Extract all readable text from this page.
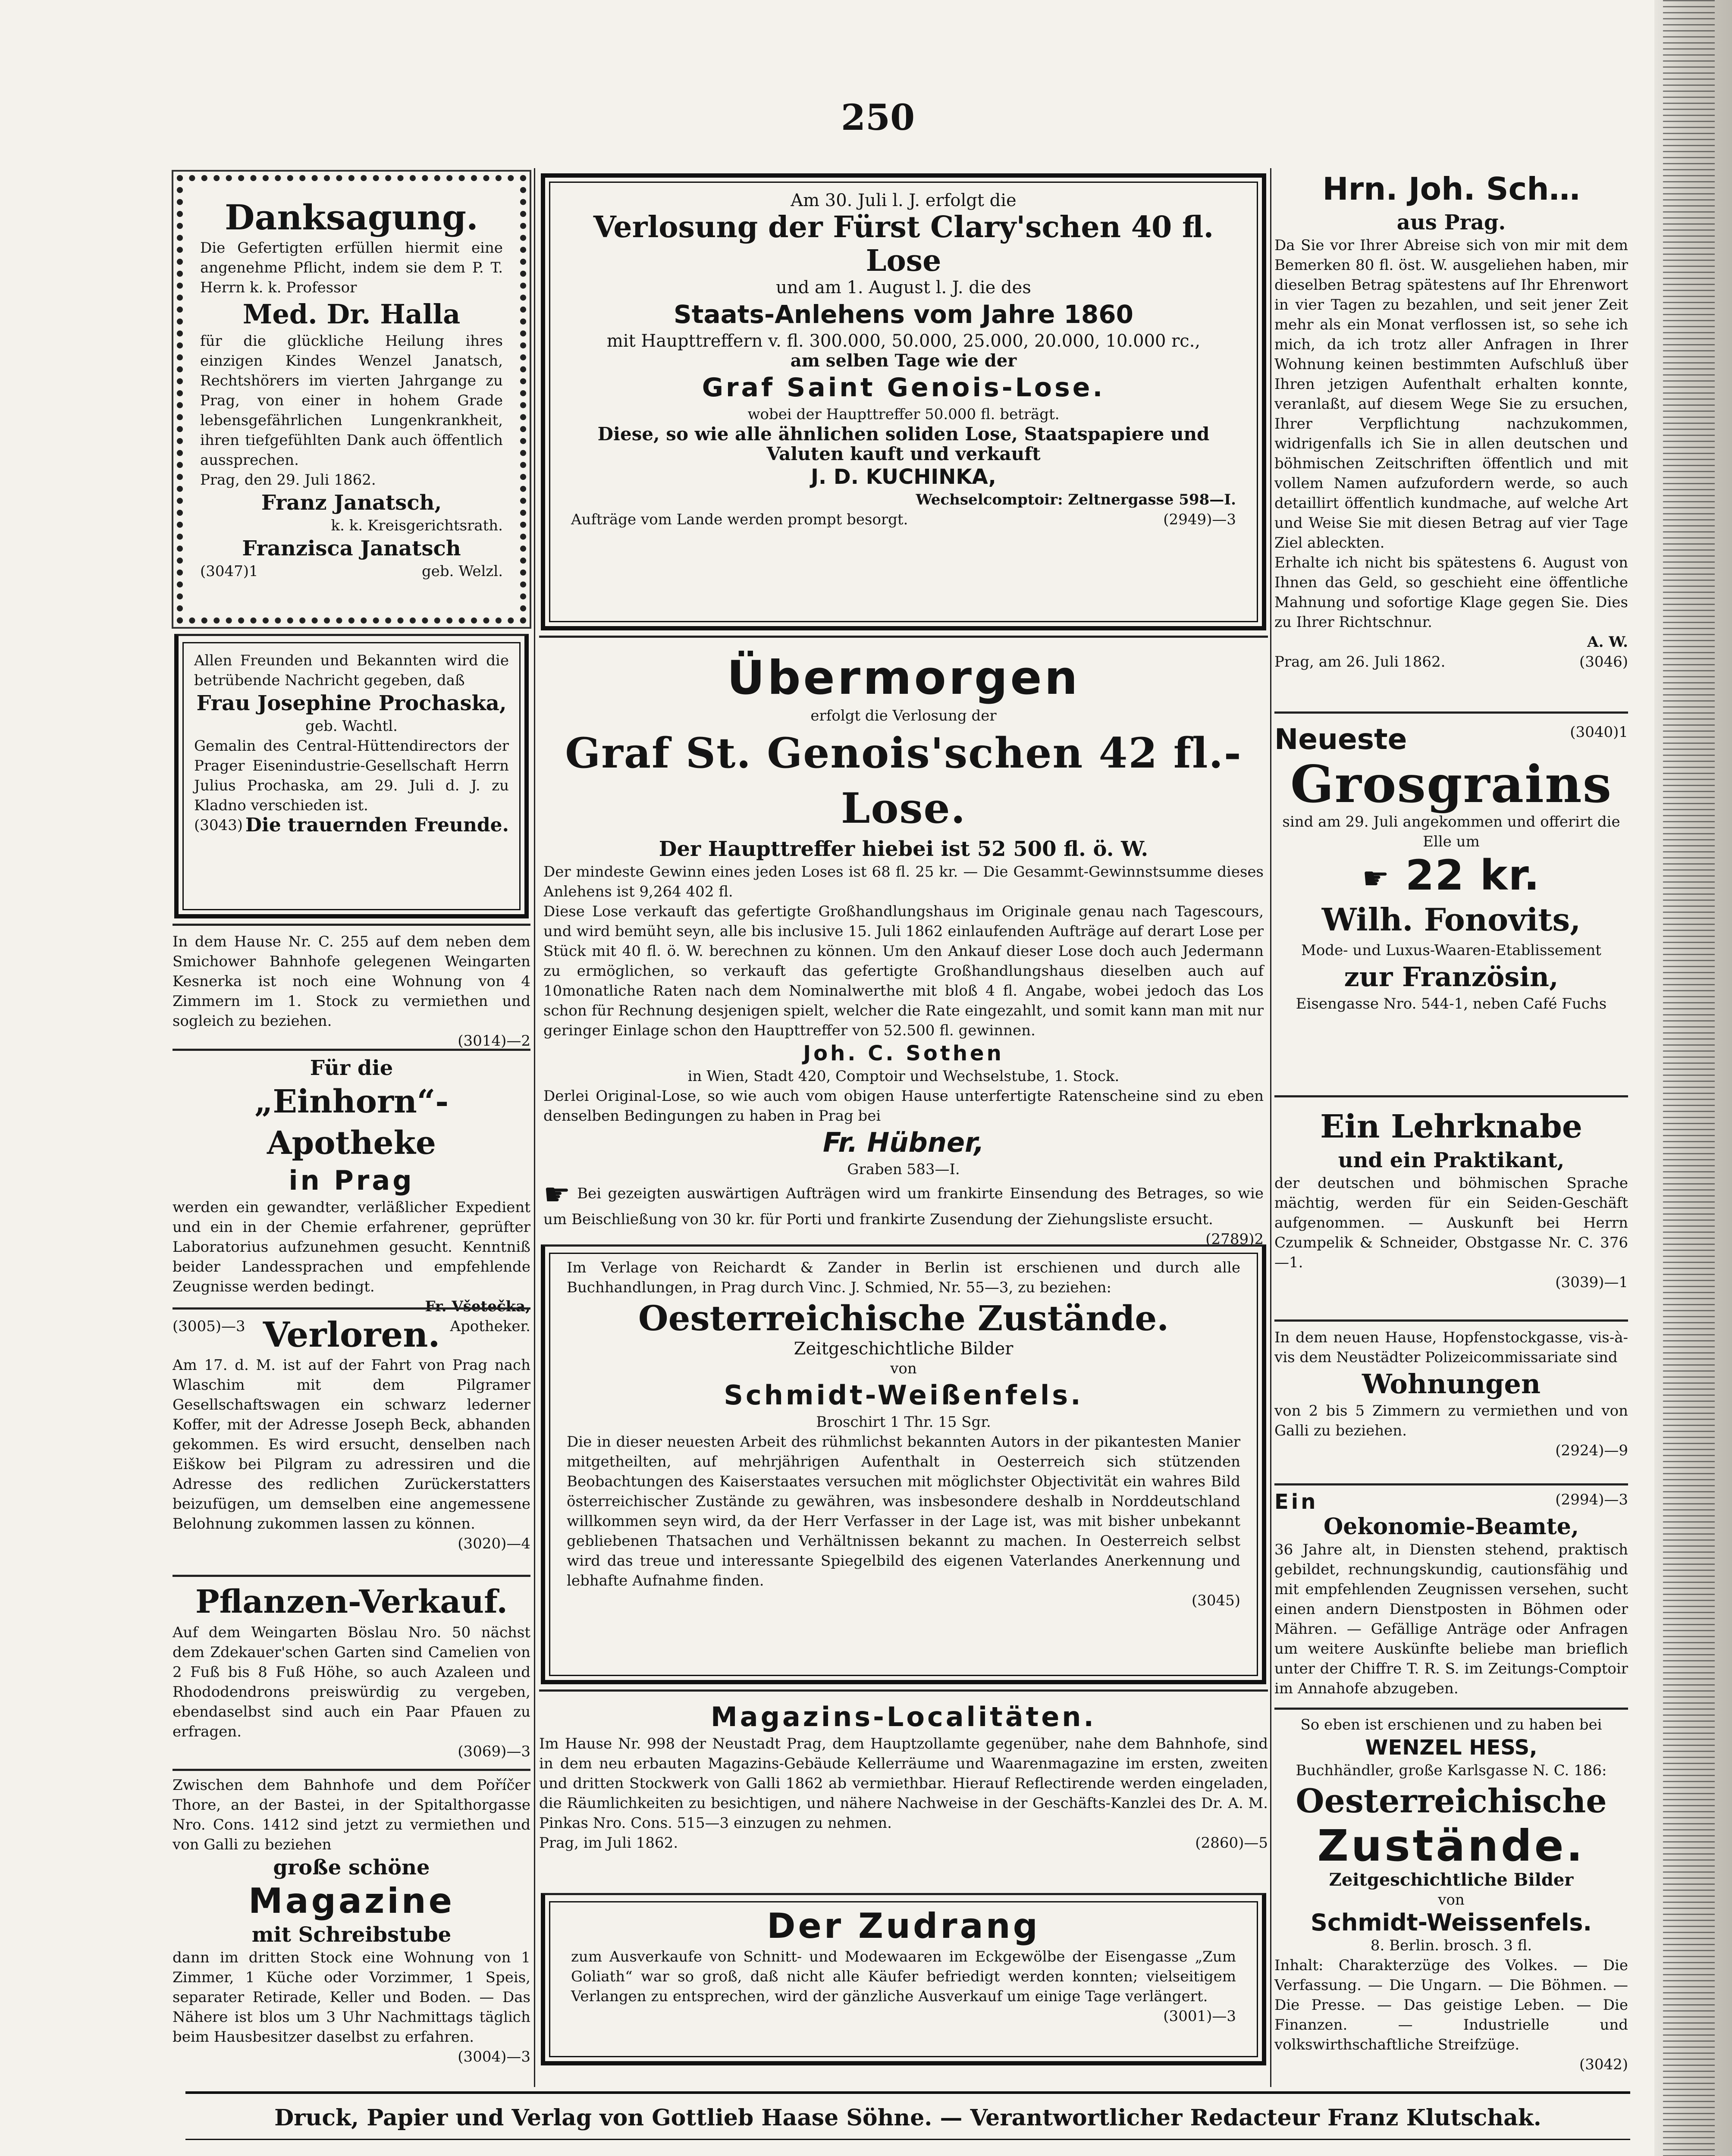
250

Danksagung.

Die Gefertigten erfüllen hiermit eine angenehme Pflicht, indem sie dem P. T. Herrn k. k. Professor

Med. Dr. Halla

für die glückliche Heilung ihres einzigen Kindes Wenzel Janatsch, Rechtshörers im vierten Jahrgange zu Prag, von einer in hohem Grade lebensgefährlichen Lungenkrankheit, ihren tiefgefühlten Dank auch öffentlich aussprechen.

Prag, den 29. Juli 1862.

Franz Janatsch,

k. k. Kreisgerichtsrath.

Franzisca Janatsch

(3047)1	geb. Welzl.

Allen Freunden und Bekannten wird die betrübende Nachricht gegeben, daß

Frau Josephine Prochaska,

geb. Wachtl.

Gemalin des Central-Hüttendirectors der Prager Eisenindustrie-Gesellschaft Herrn Julius Prochaska, am 29. Juli d. J. zu Kladno verschieden ist.

(3043) Die trauernden Freunde.

In dem Hause Nr. C. 255 auf dem neben dem Smichower Bahnhofe gelegenen Weingarten Kesnerka ist noch eine Wohnung von 4 Zimmern im 1. Stock zu vermiethen und sogleich zu beziehen.

(3014)—2

Für die

„Einhorn“-Apotheke

in Prag

werden ein gewandter, verläßlicher Expedient und ein in der Chemie erfahrener, geprüfter Laboratorius aufzunehmen gesucht. Kenntniß beider Landessprachen und empfehlende Zeugnisse werden bedingt.

Fr. Všetečka,

(3005)—3	Apotheker.

Verloren.

Am 17. d. M. ist auf der Fahrt von Prag nach Wlaschim mit dem Pilgramer Gesellschaftswagen ein schwarz lederner Koffer, mit der Adresse Joseph Beck, abhanden gekommen. Es wird ersucht, denselben nach Eiškow bei Pilgram zu adressiren und die Adresse des redlichen Zurückerstatters beizufügen, um demselben eine angemessene Belohnung zukommen lassen zu können.

(3020)—4

Pflanzen-Verkauf.

Auf dem Weingarten Böslau Nro. 50 nächst dem Zdekauer'schen Garten sind Camelien von 2 Fuß bis 8 Fuß Höhe, so auch Azaleen und Rhododendrons preiswürdig zu vergeben, ebendaselbst sind auch ein Paar Pfauen zu erfragen.

(3069)—3

Zwischen dem Bahnhofe und dem Poříčer Thore, an der Bastei, in der Spitalthorgasse Nro. Cons. 1412 sind jetzt zu vermiethen und von Galli zu beziehen

große schöne

Magazine

mit Schreibstube

dann im dritten Stock eine Wohnung von 1 Zimmer, 1 Küche oder Vorzimmer, 1 Speis, separater Retirade, Keller und Boden. — Das Nähere ist blos um 3 Uhr Nachmittags täglich beim Hausbesitzer daselbst zu erfahren.

(3004)—3

Am 30. Juli l. J. erfolgt die

Verlosung der Fürst Clary'schen 40 fl. Lose

und am 1. August l. J. die des

Staats-Anlehens vom Jahre 1860

mit Haupttreffern v. fl. 300.000, 50.000, 25.000, 20.000, 10.000 rc.,

am selben Tage wie der

Graf Saint Genois-Lose.

wobei der Haupttreffer 50.000 fl. beträgt.

Diese, so wie alle ähnlichen soliden Lose, Staatspapiere und Valuten kauft und verkauft

J. D. KUCHINKA,

Wechselcomptoir: Zeltnergasse 598—I.

Aufträge vom Lande werden prompt besorgt.	(2949)—3

Übermorgen

erfolgt die Verlosung der

Graf St. Genois'schen 42 fl.-Lose.

Der Haupttreffer hiebei ist 52 500 fl. ö. W.

Der mindeste Gewinn eines jeden Loses ist 68 fl. 25 kr. — Die Gesammt-Gewinnstsumme dieses Anlehens ist 9,264 402 fl.

Diese Lose verkauft das gefertigte Großhandlungshaus im Originale genau nach Tagescours, und wird bemüht seyn, alle bis inclusive 15. Juli 1862 einlaufenden Aufträge auf derart Lose per Stück mit 40 fl. ö. W. berechnen zu können. Um den Ankauf dieser Lose doch auch Jedermann zu ermöglichen, so verkauft das gefertigte Großhandlungshaus dieselben auch auf 10monatliche Raten nach dem Nominalwerthe mit bloß 4 fl. Angabe, wobei jedoch das Los schon für Rechnung desjenigen spielt, welcher die Rate eingezahlt, und somit kann man mit nur geringer Einlage schon den Haupttreffer von 52.500 fl. gewinnen.

Joh. C. Sothen

in Wien, Stadt 420, Comptoir und Wechselstube, 1. Stock.

Derlei Original-Lose, so wie auch vom obigen Hause unterfertigte Ratenscheine sind zu eben denselben Bedingungen zu haben in Prag bei

Fr. Hübner,

Graben 583—I.

☛ Bei gezeigten auswärtigen Aufträgen wird um frankirte Einsendung des Betrages, so wie um Beischließung von 30 kr. für Porti und frankirte Zusendung der Ziehungsliste ersucht.

(2789)2

Im Verlage von Reichardt & Zander in Berlin ist erschienen und durch alle Buchhandlungen, in Prag durch Vinc. J. Schmied, Nr. 55—3, zu beziehen:

Oesterreichische Zustände.

Zeitgeschichtliche Bilder

von

Schmidt-Weißenfels.

Broschirt 1 Thr. 15 Sgr.

Die in dieser neuesten Arbeit des rühmlichst bekannten Autors in der pikantesten Manier mitgetheilten, auf mehrjährigen Aufenthalt in Oesterreich sich stützenden Beobachtungen des Kaiserstaates versuchen mit möglichster Objectivität ein wahres Bild österreichischer Zustände zu gewähren, was insbesondere deshalb in Norddeutschland willkommen seyn wird, da der Herr Verfasser in der Lage ist, was mit bisher unbekannt gebliebenen Thatsachen und Verhältnissen bekannt zu machen. In Oesterreich selbst wird das treue und interessante Spiegelbild des eigenen Vaterlandes Anerkennung und lebhafte Aufnahme finden.

(3045)

Magazins-Localitäten.

Im Hause Nr. 998 der Neustadt Prag, dem Hauptzollamte gegenüber, nahe dem Bahnhofe, sind in dem neu erbauten Magazins-Gebäude Kellerräume und Waarenmagazine im ersten, zweiten und dritten Stockwerk von Galli 1862 ab vermiethbar. Hierauf Reflectirende werden eingeladen, die Räumlichkeiten zu besichtigen, und nähere Nachweise in der Geschäfts-Kanzlei des Dr. A. M. Pinkas Nro. Cons. 515—3 einzugen zu nehmen.

Prag, im Juli 1862.	(2860)—5

Der Zudrang

zum Ausverkaufe von Schnitt- und Modewaaren im Eckgewölbe der Eisengasse „Zum Goliath“ war so groß, daß nicht alle Käufer befriedigt werden konnten; vielseitigem Verlangen zu entsprechen, wird der gänzliche Ausverkauf um einige Tage verlängert.

(3001)—3

Hrn. Joh. Sch…

aus Prag.

Da Sie vor Ihrer Abreise sich von mir mit dem Bemerken 80 fl. öst. W. ausgeliehen haben, mir dieselben Betrag spätestens auf Ihr Ehrenwort in vier Tagen zu bezahlen, und seit jener Zeit mehr als ein Monat verflossen ist, so sehe ich mich, da ich trotz aller Anfragen in Ihrer Wohnung keinen bestimmten Aufschluß über Ihren jetzigen Aufenthalt erhalten konnte, veranlaßt, auf diesem Wege Sie zu ersuchen, Ihrer Verpflichtung nachzukommen, widrigenfalls ich Sie in allen deutschen und böhmischen Zeitschriften öffentlich und mit vollem Namen aufzufordern werde, so auch detaillirt öffentlich kundmache, auf welche Art und Weise Sie mit diesen Betrag auf vier Tage Ziel ableckten.

Erhalte ich nicht bis spätestens 6. August von Ihnen das Geld, so geschieht eine öffentliche Mahnung und sofortige Klage gegen Sie. Dies zu Ihrer Richtschnur.

A. W.

Prag, am 26. Juli 1862.	(3046)
Neueste	(3040)1

Grosgrains

sind am 29. Juli angekommen und offerirt die Elle um

☛ 22 kr.

Wilh. Fonovits,

Mode- und Luxus-Waaren-Etablissement

zur Französin,

Eisengasse Nro. 544-1, neben Café Fuchs

Ein Lehrknabe

und ein Praktikant,

der deutschen und böhmischen Sprache mächtig, werden für ein Seiden-Geschäft aufgenommen. — Auskunft bei Herrn Czumpelik & Schneider, Obstgasse Nr. C. 376—1.

(3039)—1

In dem neuen Hause, Hopfenstockgasse, vis-à-vis dem Neustädter Polizeicommissariate sind

Wohnungen

von 2 bis 5 Zimmern zu vermiethen und von Galli zu beziehen.

(2924)—9

Ein	(2994)—3

Oekonomie-Beamte,

36 Jahre alt, in Diensten stehend, praktisch gebildet, rechnungskundig, cautionsfähig und mit empfehlenden Zeugnissen versehen, sucht einen andern Dienstposten in Böhmen oder Mähren. — Gefällige Anträge oder Anfragen um weitere Auskünfte beliebe man brieflich unter der Chiffre T. R. S. im Zeitungs-Comptoir im Annahofe abzugeben.

So eben ist erschienen und zu haben bei

WENZEL HESS,

Buchhändler, große Karlsgasse N. C. 186:

Oesterreichische

Zustände.

Zeitgeschichtliche Bilder

von

Schmidt-Weissenfels.

8. Berlin. brosch. 3 fl.

Inhalt: Charakterzüge des Volkes. — Die Verfassung. — Die Ungarn. — Die Böhmen. — Die Presse. — Das geistige Leben. — Die Finanzen. — Industrielle und volkswirthschaftliche Streifzüge.

(3042)

Druck, Papier und Verlag von Gottlieb Haase Söhne. — Verantwortlicher Redacteur Franz Klutschak.
